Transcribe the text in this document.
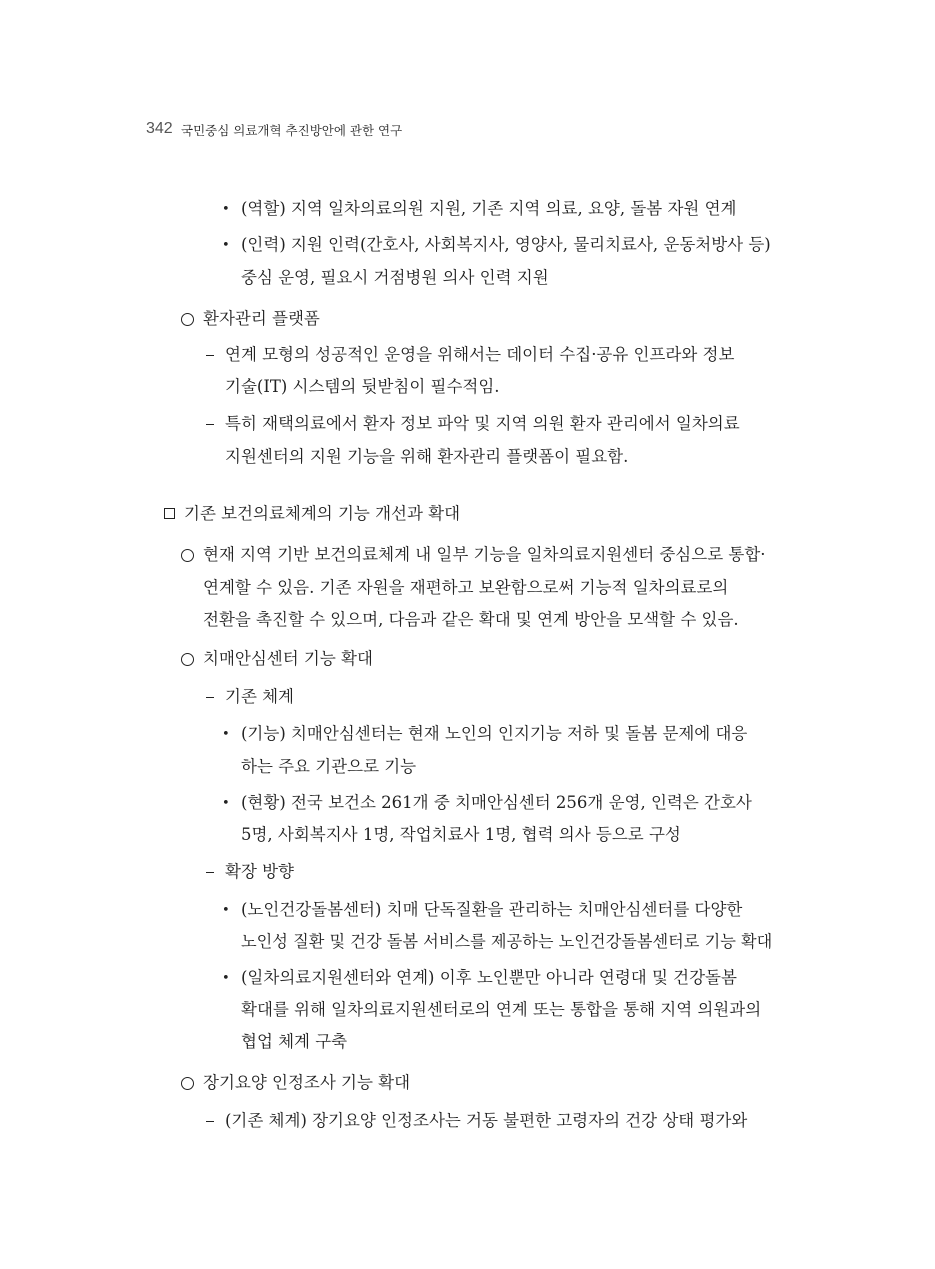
342 국민중심 의료개혁 추진방안에 관한 연구
• (역할) 지역 일차의료의원 지원, 기존 지역 의료, 요양, 돌봄 자원 연계
• (인력) 지원 인력(간호사, 사회복지사, 영양사, 물리치료사, 운동처방사 등)
중심 운영, 필요시 거점병원 의사 인력 지원
환자관리 플랫폼
연계 모형의 성공적인 운영을 위해서는 데이터 수집·공유 인프라와 정보
기술(IT) 시스템의 뒷받침이 필수적임.
특히 재택의료에서 환자 정보 파악 및 지역 의원 환자 관리에서 일차의료
지원센터의 지원 기능을 위해 환자관리 플랫폼이 필요함.
기존 보건의료체계의 기능 개선과 확대
현재 지역 기반 보건의료체계 내 일부 기능을 일차의료지원센터 중심으로 통합·
연계할 수 있음. 기존 자원을 재편하고 보완함으로써 기능적 일차의료로의
전환을 촉진할 수 있으며, 다음과 같은 확대 및 연계 방안을 모색할 수 있음.
치매안심센터 기능 확대
기존 체계
• (기능) 치매안심센터는 현재 노인의 인지기능 저하 및 돌봄 문제에 대응
하는 주요 기관으로 기능
• (현황) 전국 보건소 261개 중 치매안심센터 256개 운영, 인력은 간호사
5명, 사회복지사 1명, 작업치료사 1명, 협력 의사 등으로 구성
확장 방향
• (노인건강돌봄센터) 치매 단독질환을 관리하는 치매안심센터를 다양한
노인성 질환 및 건강 돌봄 서비스를 제공하는 노인건강돌봄센터로 기능 확대
• (일차의료지원센터와 연계) 이후 노인뿐만 아니라 연령대 및 건강돌봄
확대를 위해 일차의료지원센터로의 연계 또는 통합을 통해 지역 의원과의
협업 체계 구축
장기요양 인정조사 기능 확대
(기존 체계) 장기요양 인정조사는 거동 불편한 고령자의 건강 상태 평가와
